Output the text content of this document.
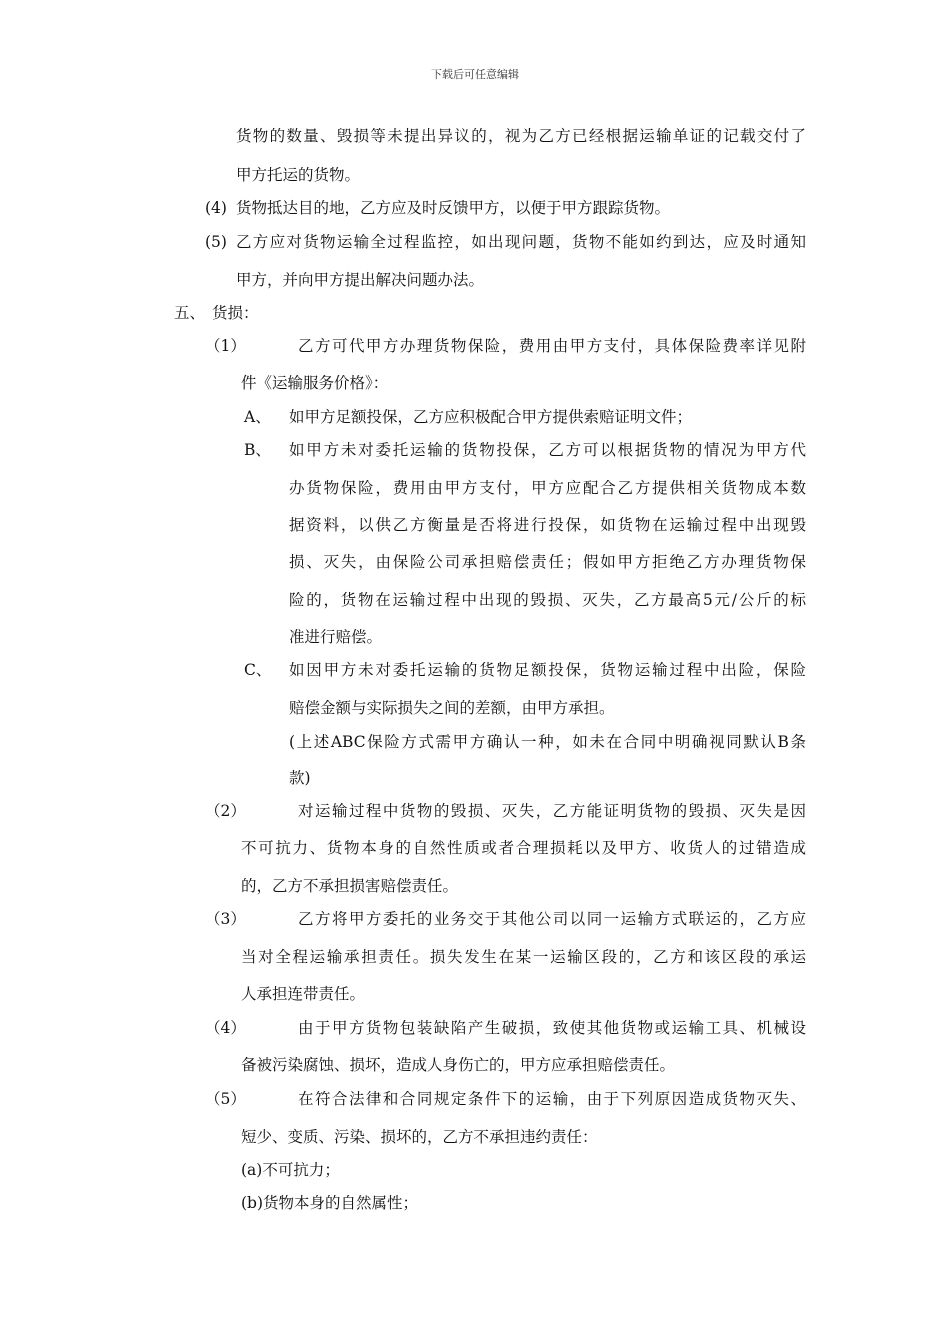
下载后可任意编辑
货物的数量、毁损等未提出异议的，视为乙方已经根据运输单证的记载交付了
甲方托运的货物。
(4) 货物抵达目的地，乙方应及时反馈甲方，以便于甲方跟踪货物。
(5) 乙方应对货物运输全过程监控，如出现问题，货物不能如约到达，应及时通知
甲方，并向甲方提出解决问题办法。
五、 货损：
（1）	乙方可代甲方办理货物保险，费用由甲方支付，具体保险费率详见附
件《运输服务价格》：
A、 如甲方足额投保，乙方应积极配合甲方提供索赔证明文件；
B、 如甲方未对委托运输的货物投保，乙方可以根据货物的情况为甲方代
办货物保险，费用由甲方支付，甲方应配合乙方提供相关货物成本数
据资料，以供乙方衡量是否将进行投保，如货物在运输过程中出现毁
损、灭失，由保险公司承担赔偿责任；假如甲方拒绝乙方办理货物保
险的，货物在运输过程中出现的毁损、灭失，乙方最高5元/公斤的标
准进行赔偿。
C、 如因甲方未对委托运输的货物足额投保，货物运输过程中出险，保险
赔偿金额与实际损失之间的差额，由甲方承担。
(上述ABC保险方式需甲方确认一种，如未在合同中明确视同默认B条
款)
（2）	对运输过程中货物的毁损、灭失，乙方能证明货物的毁损、灭失是因
不可抗力、货物本身的自然性质或者合理损耗以及甲方、收货人的过错造成
的，乙方不承担损害赔偿责任。
（3）	乙方将甲方委托的业务交于其他公司以同一运输方式联运的，乙方应
当对全程运输承担责任。损失发生在某一运输区段的，乙方和该区段的承运
人承担连带责任。
（4）	由于甲方货物包装缺陷产生破损，致使其他货物或运输工具、机械设
备被污染腐蚀、损坏，造成人身伤亡的，甲方应承担赔偿责任。
（5）	在符合法律和合同规定条件下的运输，由于下列原因造成货物灭失、
短少、变质、污染、损坏的，乙方不承担违约责任：
(a)不可抗力；
(b)货物本身的自然属性；
